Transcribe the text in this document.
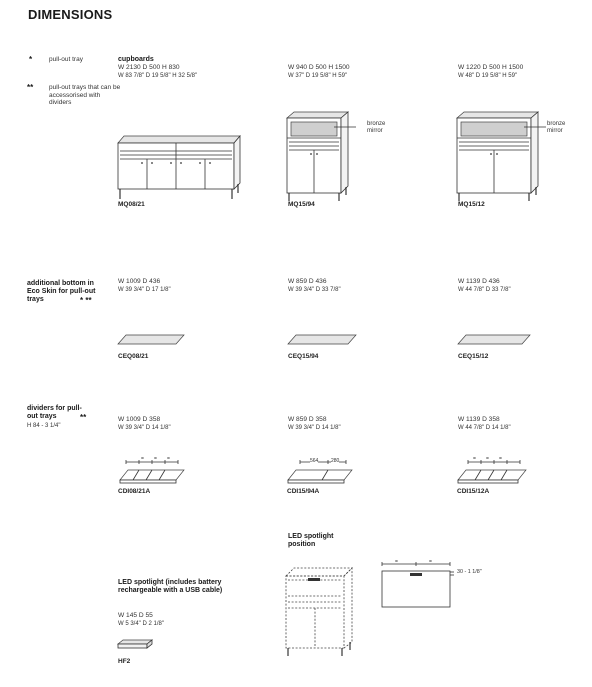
DIMENSIONS
*	pull-out tray
** pull-out trays that can be accessorised with dividers
cupboards
W 2130 D 500 H 830
W 83 7/8" D 19 5/8" H 32 5/8"
W 940 D 500 H 1500
W 37" D 19 5/8" H 59"
W 1220 D 500 H 1500
W 48" D 19 5/8" H 59"
MQ08/21
bronze mirror
MQ15/94
bronze mirror
MQ15/12
additional bottom in Eco Skin for pull-out trays	* **
W 1009 D 436
W 39 3/4" D 17 1/8"
W 859 D 436
W 39 3/4" D 33 7/8"
W 1139 D 436
W 44 7/8" D 33 7/8"
CEQ08/21	CEQ15/94	CEQ15/12
dividers for pull-out trays	**
H 84 - 3 1/4"
W 1009 D 358
W 39 3/4" D 14 1/8"
W 859 D 358
W 39 3/4" D 14 1/8"
W 1139 D 358
W 44 7/8" D 14 1/8"
= = =
CDI08/21A
564	280
CDI15/94A
= = =
CDI15/12A
LED spotlight (includes battery rechargeable with a USB cable)
W 145 D 55
W 5 3/4" D 2 1/8"
HF2
LED spotlight position
=	=
30 - 1 1/8"
